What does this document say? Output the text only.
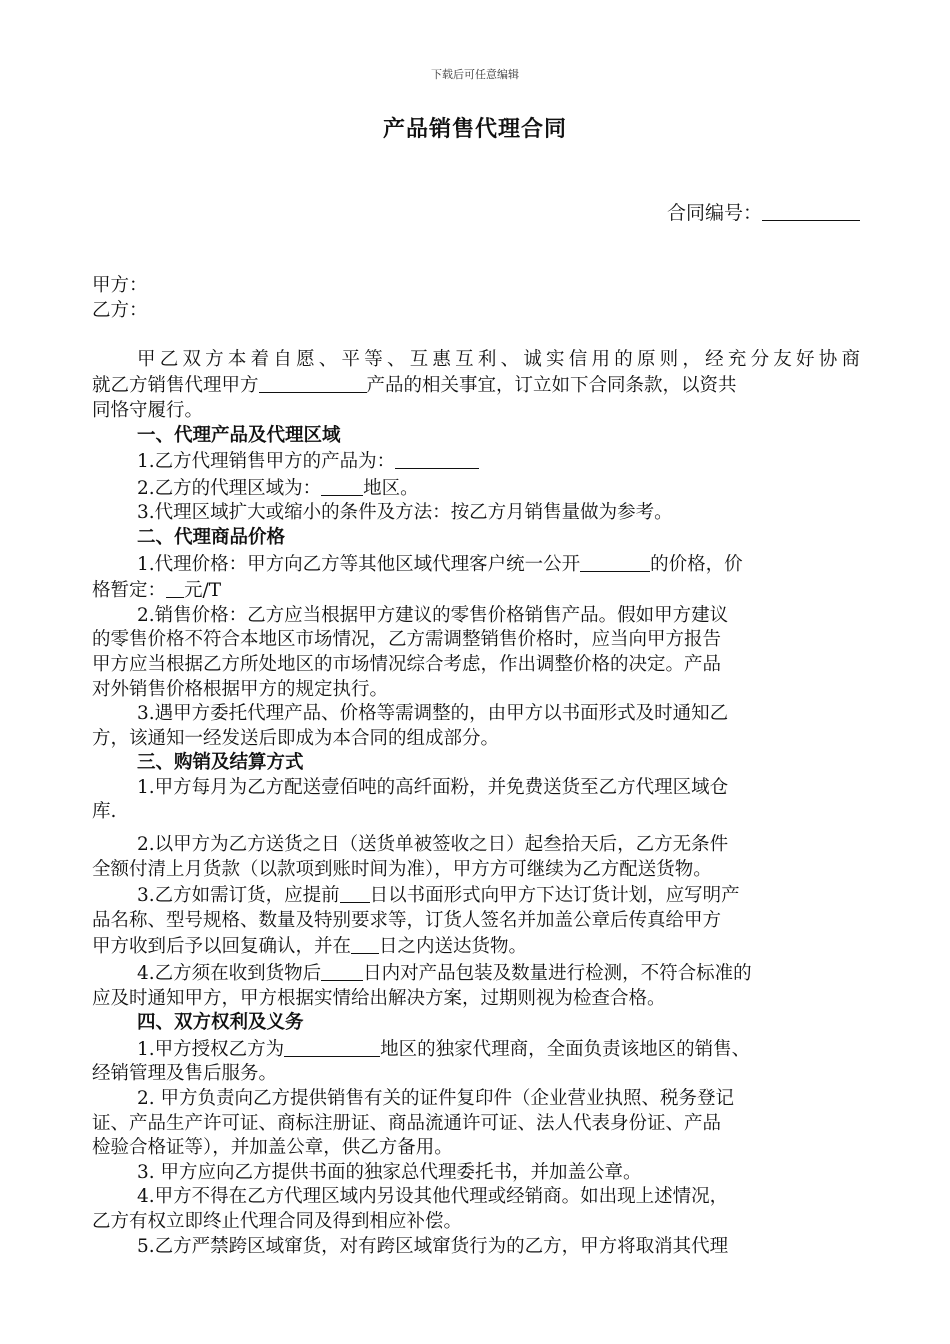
下载后可任意编辑
产品销售代理合同
合同编号：
甲方：
乙方：
甲乙双方本着自愿、平等、互惠互利、诚实信用的原则，经充分友好协商
就乙方销售代理甲方	产品的相关事宜，订立如下合同条款，以资共
同恪守履行。
一、代理产品及代理区域
1.乙方代理销售甲方的产品为：
2.乙方的代理区域为： 地区。
3.代理区域扩大或缩小的条件及方法：按乙方月销售量做为参考。
二、代理商品价格
1.代理价格：甲方向乙方等其他区域代理客户统一公开	的价格，价
格暂定： 元/T
2.销售价格：乙方应当根据甲方建议的零售价格销售产品。假如甲方建议
的零售价格不符合本地区市场情况，乙方需调整销售价格时，应当向甲方报告
甲方应当根据乙方所处地区的市场情况综合考虑，作出调整价格的决定。产品
对外销售价格根据甲方的规定执行。
3.遇甲方委托代理产品、价格等需调整的，由甲方以书面形式及时通知乙
方，该通知一经发送后即成为本合同的组成部分。
三、购销及结算方式
1.甲方每月为乙方配送壹佰吨的高纤面粉，并免费送货至乙方代理区域仓
库.
2.以甲方为乙方送货之日（送货单被签收之日）起叁拾天后，乙方无条件
全额付清上月货款（以款项到账时间为准），甲方方可继续为乙方配送货物。
3.乙方如需订货，应提前 日以书面形式向甲方下达订货计划，应写明产
品名称、型号规格、数量及特别要求等，订货人签名并加盖公章后传真给甲方
甲方收到后予以回复确认，并在 日之内送达货物。
4.乙方须在收到货物后 日内对产品包装及数量进行检测，不符合标准的
应及时通知甲方，甲方根据实情给出解决方案，过期则视为检查合格。
四、双方权利及义务
1.甲方授权乙方为	地区的独家代理商，全面负责该地区的销售、
经销管理及售后服务。
2. 甲方负责向乙方提供销售有关的证件复印件（企业营业执照、税务登记
证、产品生产许可证、商标注册证、商品流通许可证、法人代表身份证、产品
检验合格证等），并加盖公章，供乙方备用。
3. 甲方应向乙方提供书面的独家总代理委托书，并加盖公章。
4.甲方不得在乙方代理区域内另设其他代理或经销商。如出现上述情况，
乙方有权立即终止代理合同及得到相应补偿。
5.乙方严禁跨区域窜货，对有跨区域窜货行为的乙方，甲方将取消其代理
